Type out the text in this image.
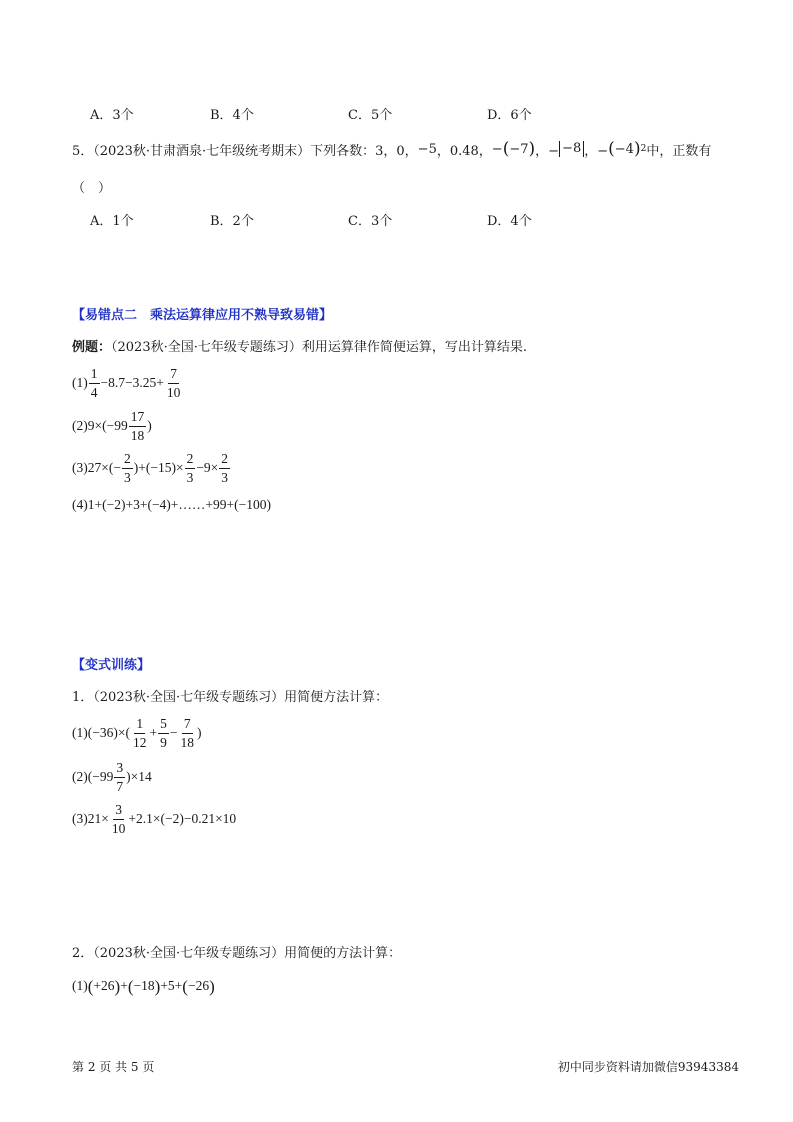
A．3个	B．4个	C．5个	D．6个
5．（2023秋·甘肃酒泉·七年级统考期末）下列各数：3，0， −5 ，0.48， − ( −7 ) ，− −8 ，− ( −4 ) 2 中，正数有
（　）
A．1个	B．2个	C．3个	D．4个
【易错点二　乘法运算律应用不熟导致易错】
例题：（2023秋·全国·七年级专题练习）利用运算律作简便运算，写出计算结果.
$(1) \frac{1}{4} -8.7-3.25+ \frac{7}{10}$
(2) $9\times(-99 \frac{17}{18}$ )
(3) $27\times(- \frac{2}{3} )+(-15)\times \frac{2}{3} -9\times \frac{2}{3}$
(4) 1+(−2)+3+(−4)+……+99+(−100)
【变式训练】
1．（2023秋·全国·七年级专题练习）用简便方法计算：
(1) $(-36)\times( \frac{1}{12} + \frac{5}{9} - \frac{7}{18}$ )
(2) $(-99 \frac{3}{7} )\times 14$
(3) $21\times \frac{3}{10} +2.1\times(-2)-0.21\times 10$
2．（2023秋·全国·七年级专题练习）用简便的方法计算：
(1) ( +26 ) + ( −18 ) +5+ ( −26 )
第 2 页 共 5 页	初中同步资料请加微信93943384
